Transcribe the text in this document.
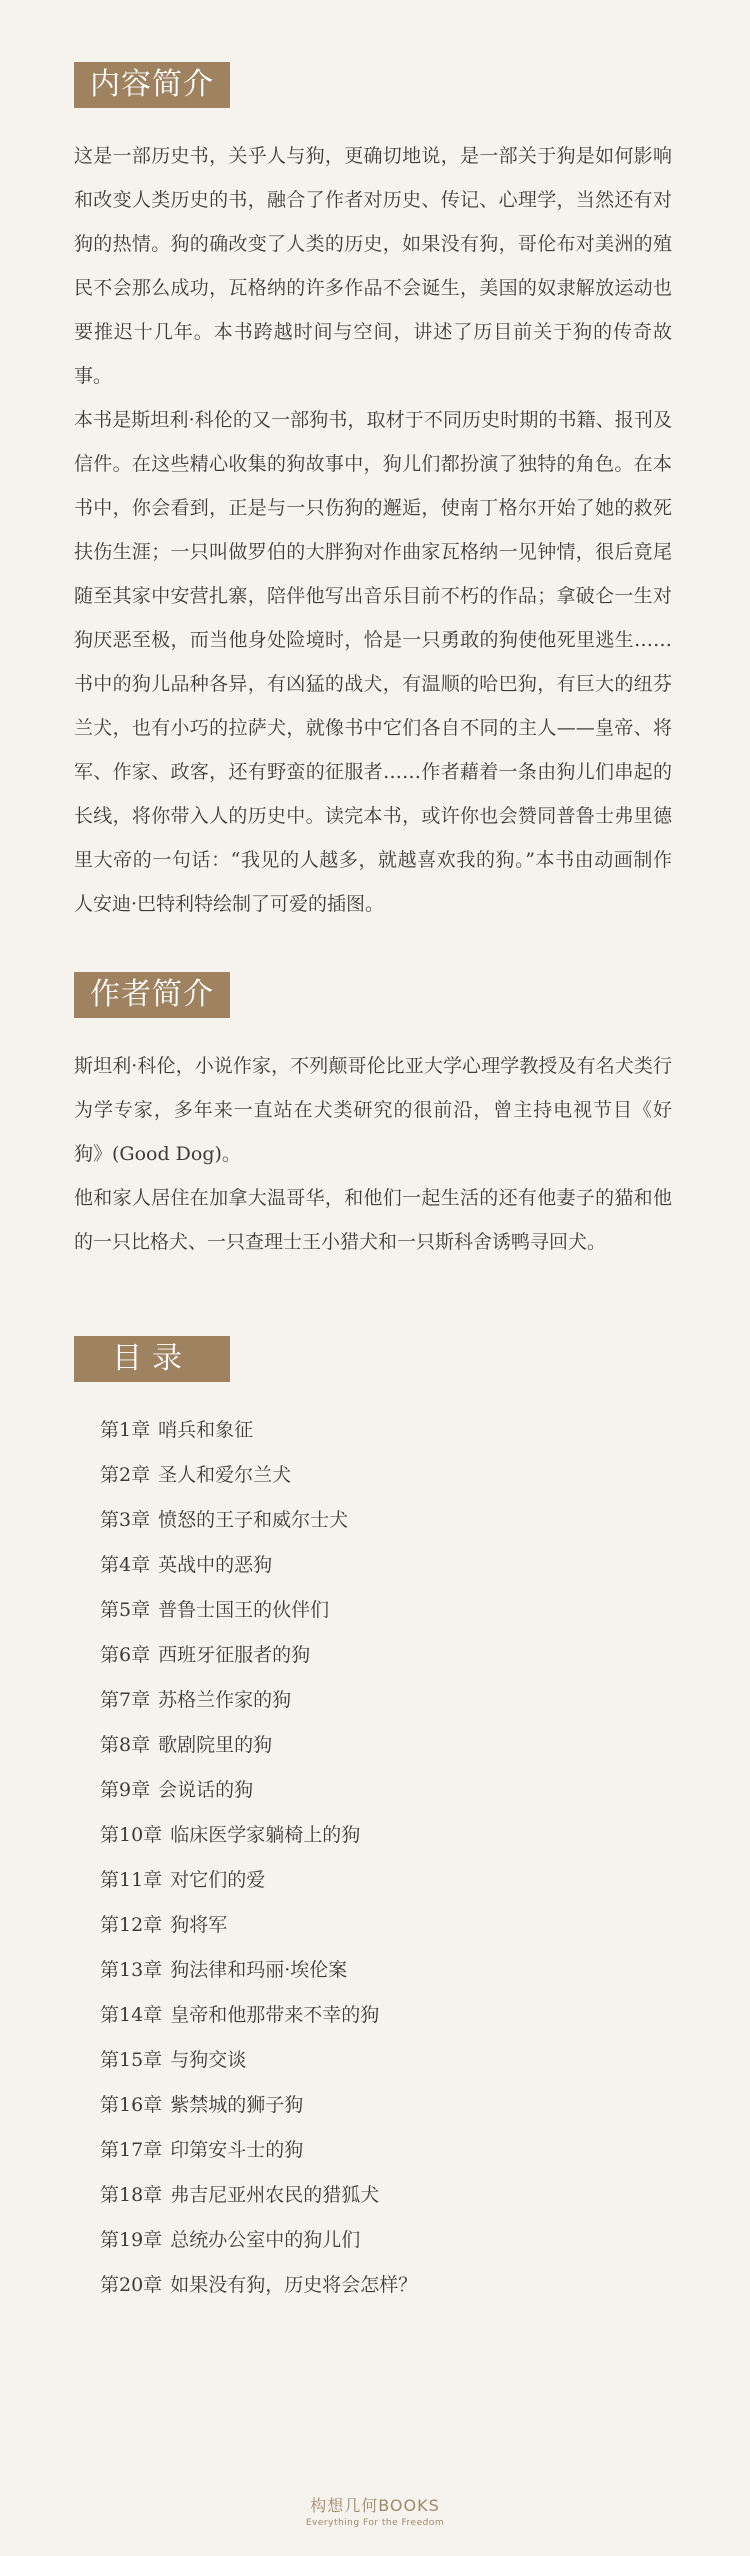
内容简介

这是一部历史书，关乎人与狗，更确切地说，是一部关于狗是如何影响和改变人类历史的书，融合了作者对历史、传记、心理学，当然还有对狗的热情。狗的确改变了人类的历史，如果没有狗，哥伦布对美洲的殖民不会那么成功，瓦格纳的许多作品不会诞生，美国的奴隶解放运动也要推迟十几年。本书跨越时间与空间，讲述了历目前关于狗的传奇故事。

本书是斯坦利·科伦的又一部狗书，取材于不同历史时期的书籍、报刊及信件。在这些精心收集的狗故事中，狗儿们都扮演了独特的角色。在本书中，你会看到，正是与一只伤狗的邂逅，使南丁格尔开始了她的救死扶伤生涯；一只叫做罗伯的大胖狗对作曲家瓦格纳一见钟情，很后竟尾随至其家中安营扎寨，陪伴他写出音乐目前不朽的作品；拿破仑一生对狗厌恶至极，而当他身处险境时，恰是一只勇敢的狗使他死里逃生…… 书中的狗儿品种各异，有凶猛的战犬，有温顺的哈巴狗，有巨大的纽芬兰犬，也有小巧的拉萨犬，就像书中它们各自不同的主人——皇帝、将军、作家、政客，还有野蛮的征服者……作者藉着一条由狗儿们串起的长线，将你带入人的历史中。读完本书，或许你也会赞同普鲁士弗里德里大帝的一句话：“我见的人越多，就越喜欢我的狗。”本书由动画制作人安迪·巴特利特绘制了可爱的插图。

作者简介

斯坦利·科伦，小说作家，不列颠哥伦比亚大学心理学教授及有名犬类行为学专家，多年来一直站在犬类研究的很前沿，曾主持电视节目《好狗》(Good Dog)。

他和家人居住在加拿大温哥华，和他们一起生活的还有他妻子的猫和他的一只比格犬、一只查理士王小猎犬和一只斯科舍诱鸭寻回犬。

目录
第1章 哨兵和象征
第2章 圣人和爱尔兰犬
第3章 愤怒的王子和威尔士犬
第4章 英战中的恶狗
第5章 普鲁士国王的伙伴们
第6章 西班牙征服者的狗
第7章 苏格兰作家的狗
第8章 歌剧院里的狗
第9章 会说话的狗
第10章 临床医学家躺椅上的狗
第11章 对它们的爱
第12章 狗将军
第13章 狗法律和玛丽·埃伦案
第14章 皇帝和他那带来不幸的狗
第15章 与狗交谈
第16章 紫禁城的狮子狗
第17章 印第安斗士的狗
第18章 弗吉尼亚州农民的猎狐犬
第19章 总统办公室中的狗儿们
第20章 如果没有狗，历史将会怎样？
构想几何BOOKS
Everything For the Freedom
